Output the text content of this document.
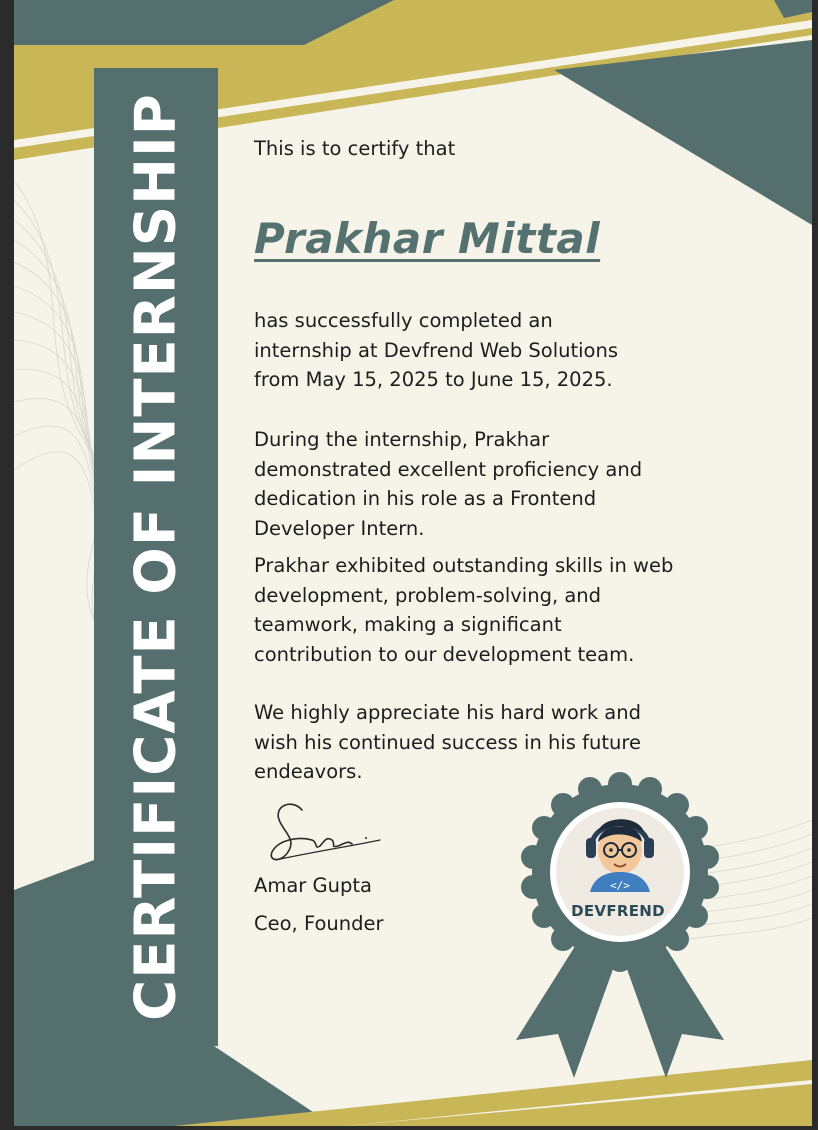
CERTIFICATE OF INTERNSHIP	This is to certify that
Prakhar Mittal
has successfully completed an
internship at Devfrend Web Solutions
from May 15, 2025 to June 15, 2025.
During the internship, Prakhar
demonstrated excellent proficiency and
dedication in his role as a Frontend
Developer Intern.
Prakhar exhibited outstanding skills in web
development, problem-solving, and
teamwork, making a significant
contribution to our development team.
We highly appreciate his hard work and
wish his continued success in his future
endeavors.
Amar Gupta
Ceo, Founder
</>
DEVFREND
